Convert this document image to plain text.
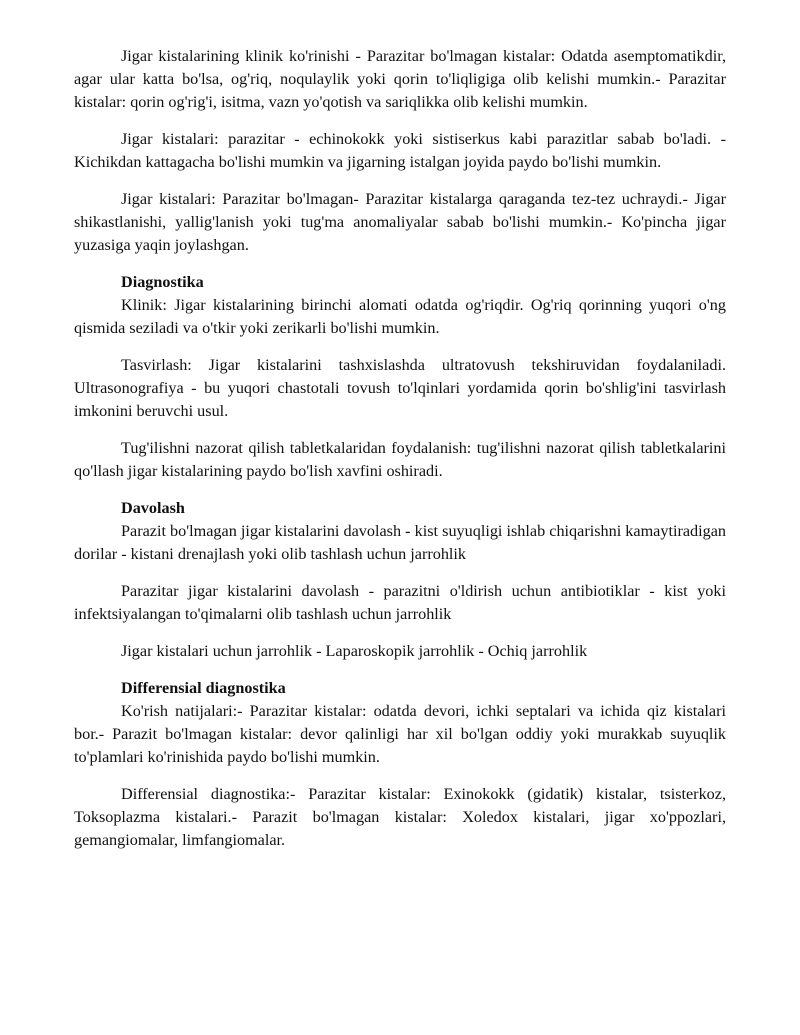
Jigar kistalarining klinik ko'rinishi - Parazitar bo'lmagan kistalar: Odatda asemptomatikdir, agar ular katta bo'lsa, og'riq, noqulaylik yoki qorin to'liqligiga olib kelishi mumkin.- Parazitar kistalar: qorin og'rig'i, isitma, vazn yo'qotish va sariqlikka olib kelishi mumkin.

Jigar kistalari: parazitar - echinokokk yoki sistiserkus kabi parazitlar sabab bo'ladi. - Kichikdan kattagacha bo'lishi mumkin va jigarning istalgan joyida paydo bo'lishi mumkin.

Jigar kistalari: Parazitar bo'lmagan- Parazitar kistalarga qaraganda tez-tez uchraydi.- Jigar shikastlanishi, yallig'lanish yoki tug'ma anomaliyalar sabab bo'lishi mumkin.- Ko'pincha jigar yuzasiga yaqin joylashgan.

Diagnostika

Klinik: Jigar kistalarining birinchi alomati odatda og'riqdir. Og'riq qorinning yuqori o'ng qismida seziladi va o'tkir yoki zerikarli bo'lishi mumkin.

Tasvirlash: Jigar kistalarini tashxislashda ultratovush tekshiruvidan foydalaniladi. Ultrasonografiya - bu yuqori chastotali tovush to'lqinlari yordamida qorin bo'shlig'ini tasvirlash imkonini beruvchi usul.

Tug'ilishni nazorat qilish tabletkalaridan foydalanish: tug'ilishni nazorat qilish tabletkalarini qo'llash jigar kistalarining paydo bo'lish xavfini oshiradi.

Davolash

Parazit bo'lmagan jigar kistalarini davolash - kist suyuqligi ishlab chiqarishni kamaytiradigan dorilar - kistani drenajlash yoki olib tashlash uchun jarrohlik

Parazitar jigar kistalarini davolash - parazitni o'ldirish uchun antibiotiklar - kist yoki infektsiyalangan to'qimalarni olib tashlash uchun jarrohlik

Jigar kistalari uchun jarrohlik - Laparoskopik jarrohlik - Ochiq jarrohlik

Differensial diagnostika

Ko'rish natijalari:- Parazitar kistalar: odatda devori, ichki septalari va ichida qiz kistalari bor.- Parazit bo'lmagan kistalar: devor qalinligi har xil bo'lgan oddiy yoki murakkab suyuqlik to'plamlari ko'rinishida paydo bo'lishi mumkin.

Differensial diagnostika:- Parazitar kistalar: Exinokokk (gidatik) kistalar, tsisterkoz, Toksoplazma kistalari.- Parazit bo'lmagan kistalar: Xoledox kistalari, jigar xo'ppozlari, gemangiomalar, limfangiomalar.
